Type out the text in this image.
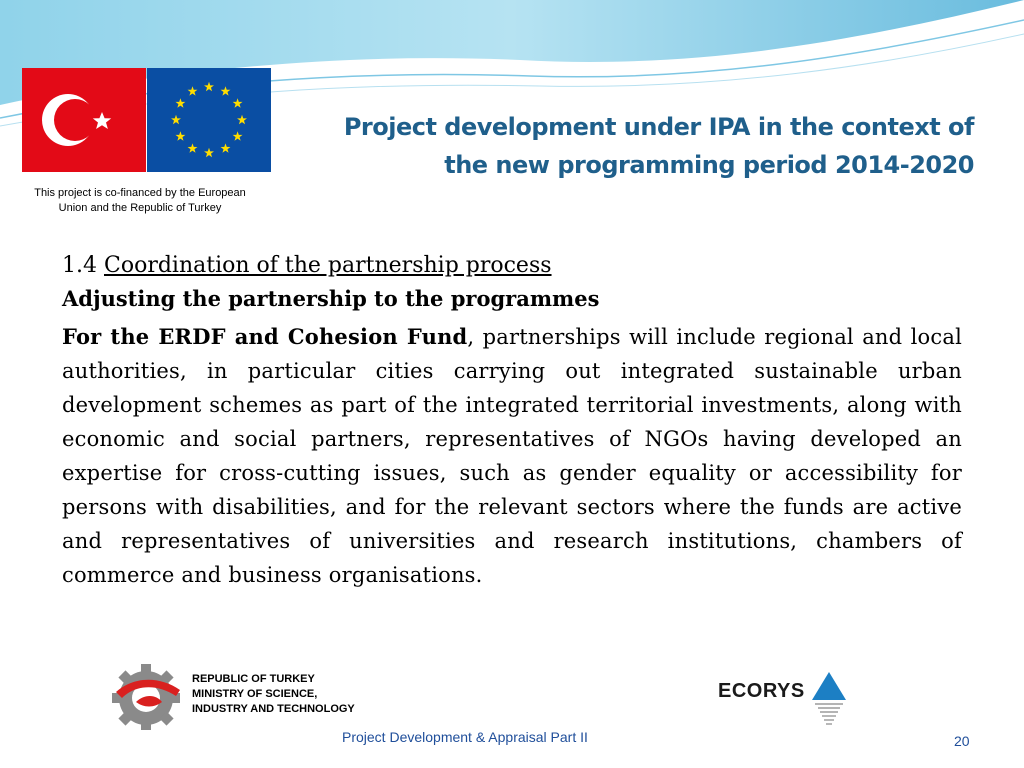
This project is co-financed by the European
Union and the Republic of Turkey
Project development under IPA in the context of
the new programming period 2014-2020

1.4 Coordination of the partnership process

Adjusting the partnership to the programmes

For the ERDF and Cohesion Fund, partnerships will include regional and local authorities, in particular cities carrying out integrated sustainable urban development schemes as part of the integrated territorial investments, along with economic and social partners, representatives of NGOs having developed an expertise for cross-cutting issues, such as gender equality or accessibility for persons with disabilities, and for the relevant sectors where the funds are active and representatives of universities and research institutions, chambers of commerce and business organisations.

REPUBLIC OF TURKEY
MINISTRY OF SCIENCE,
INDUSTRY AND TECHNOLOGY
ECORYS
Project Development & Appraisal Part II	20
